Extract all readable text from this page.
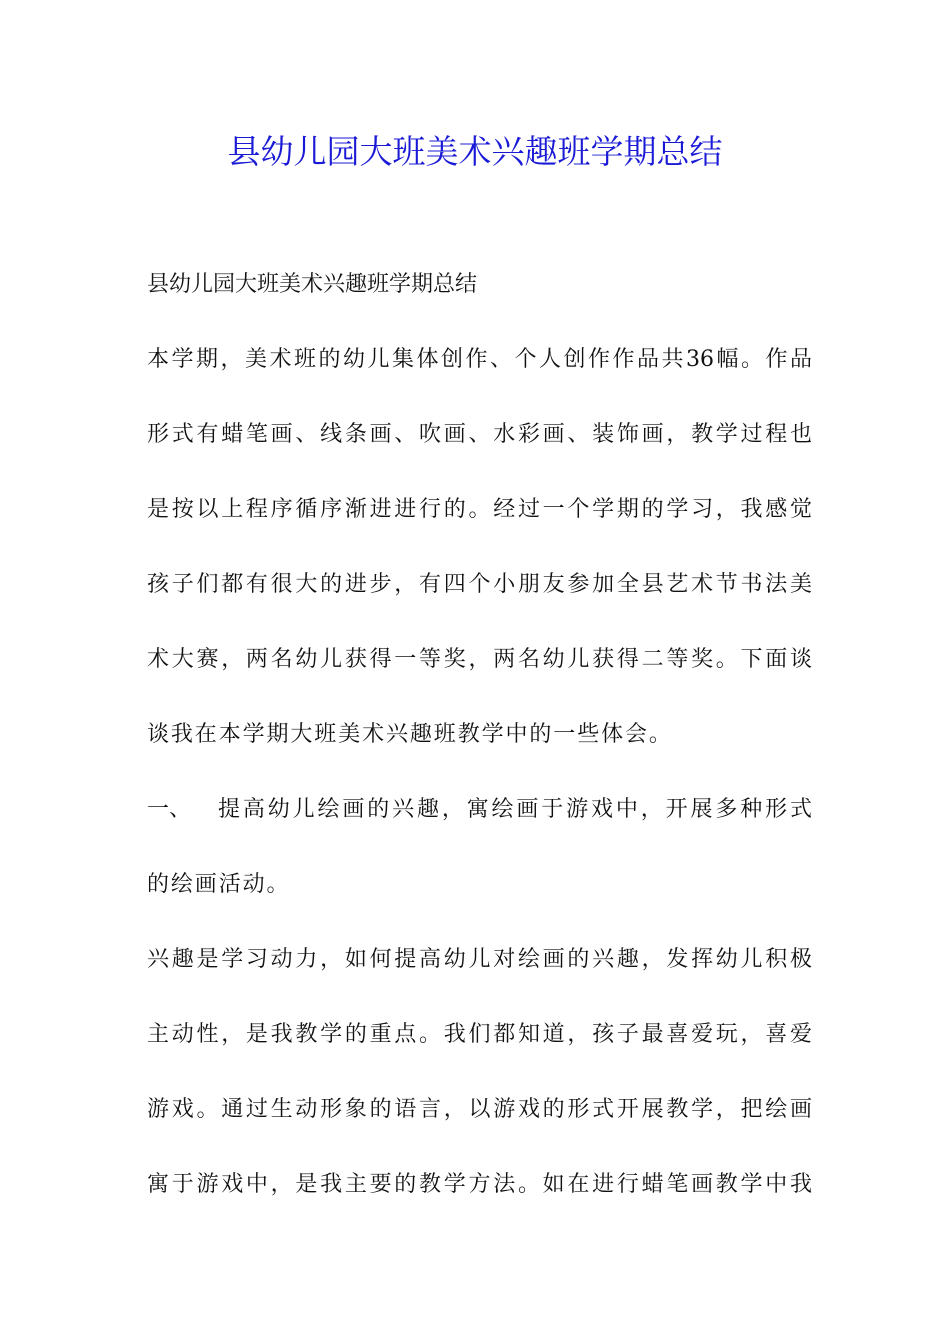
县幼儿园大班美术兴趣班学期总结

县幼儿园大班美术兴趣班学期总结

本学期，美术班的幼儿集体创作、个人创作作品共36幅。作品

形式有蜡笔画、线条画、吹画、水彩画、装饰画，教学过程也

是按以上程序循序渐进进行的。经过一个学期的学习，我感觉

孩子们都有很大的进步，有四个小朋友参加全县艺术节书法美

术大赛，两名幼儿获得一等奖，两名幼儿获得二等奖。下面谈

谈我在本学期大班美术兴趣班教学中的一些体会。

一、 提高幼儿绘画的兴趣，寓绘画于游戏中，开展多种形式

的绘画活动。

兴趣是学习动力，如何提高幼儿对绘画的兴趣，发挥幼儿积极

主动性，是我教学的重点。我们都知道，孩子最喜爱玩，喜爱

游戏。通过生动形象的语言，以游戏的形式开展教学，把绘画

寓于游戏中，是我主要的教学方法。如在进行蜡笔画教学中我
